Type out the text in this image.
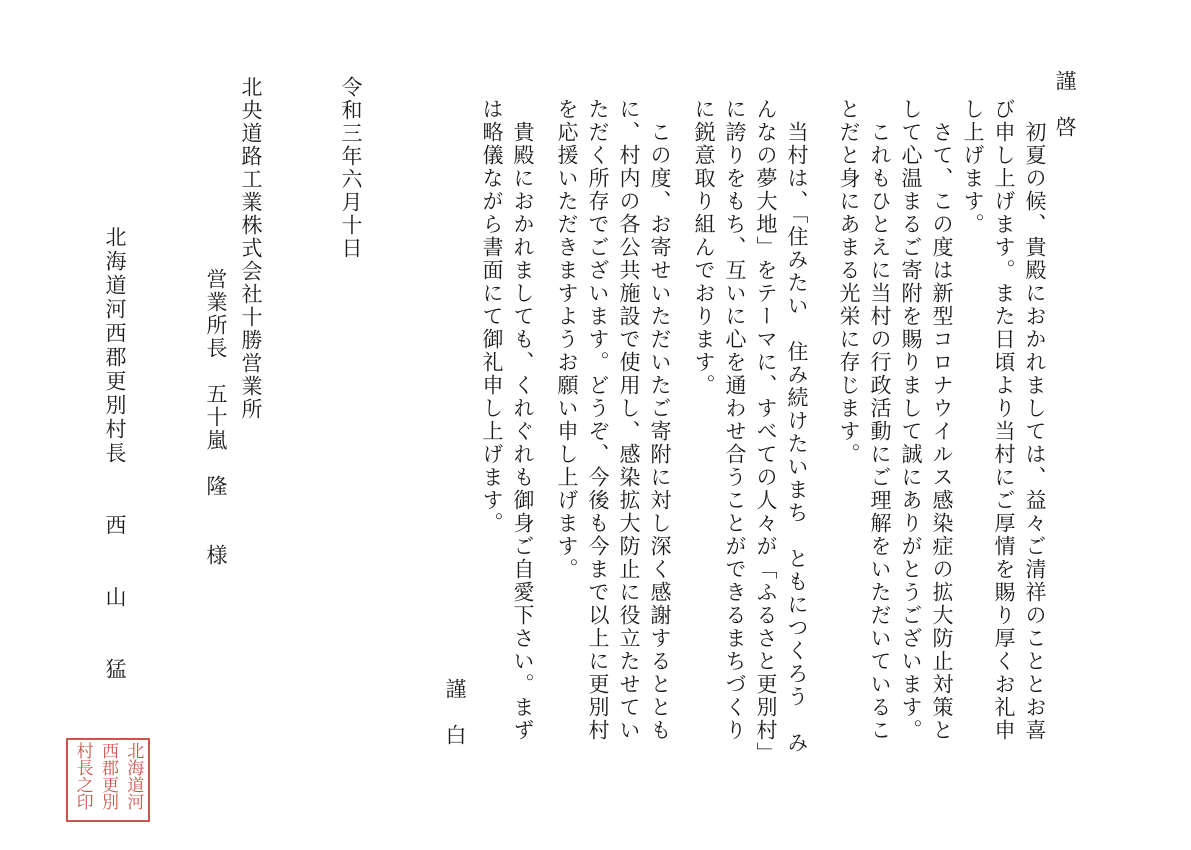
謹　啓
　初夏の候、貴殿におかれましては、益々ご清祥のこととお喜
び申し上げます。また日頃より当村にご厚情を賜り厚くお礼申
し上げます。
　さて、この度は新型コロナウイルス感染症の拡大防止対策と
して心温まるご寄附を賜りまして誠にありがとうございます。
　これもひとえに当村の行政活動にご理解をいただいているこ
とだと身にあまる光栄に存じます。
　当村は、「住みたい　住み続けたいまち　ともにつくろう　み
んなの夢大地」をテーマに、すべての人々が「ふるさと更別村」
に誇りをもち、互いに心を通わせ合うことができるまちづくり
に鋭意取り組んでおります。
　この度、お寄せいただいたご寄附に対し深く感謝するととも
に、村内の各公共施設で使用し、感染拡大防止に役立たせてい
ただく所存でございます。どうぞ、今後も今まで以上に更別村
を応援いただきますようお願い申し上げます。
　貴殿におかれましても、くれぐれも御身ご自愛下さい。まず
は略儀ながら書面にて御礼申し上げます。
謹　白
令和三年六月十日
北央道路工業株式会社十勝営業所
営業所長　五十嵐　隆　　様
北海道河西郡更別村長　　西　　山　　猛
北海道河
西郡更別
村長之印
